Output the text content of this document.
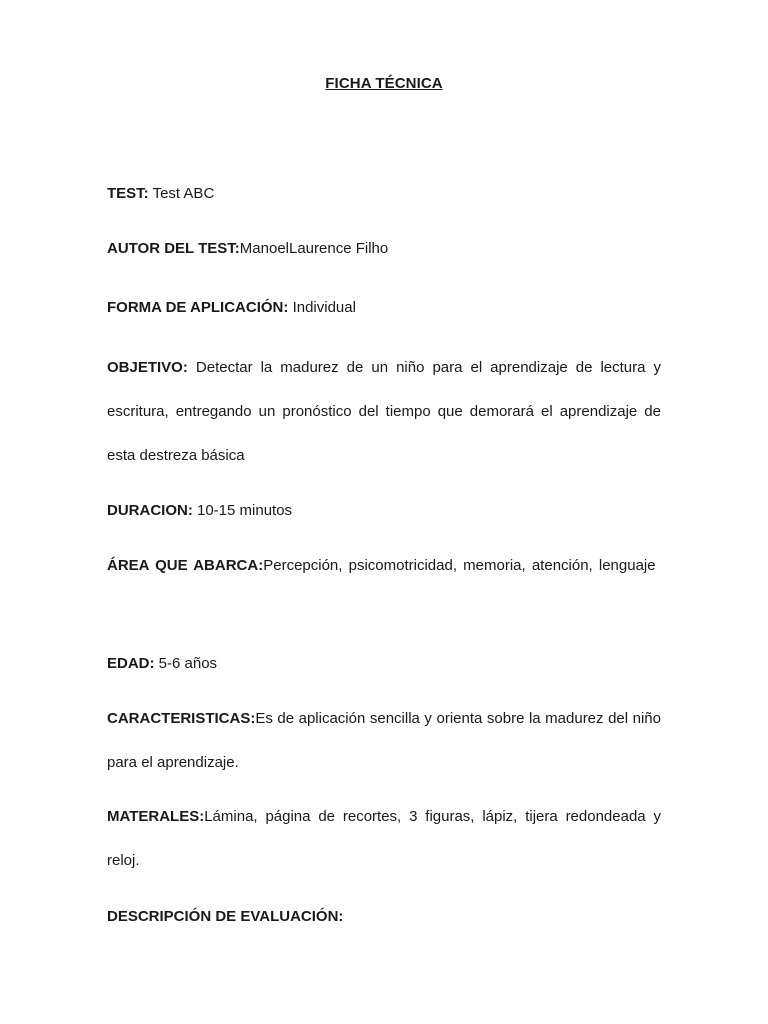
FICHA TÉCNICA

TEST: Test ABC

AUTOR DEL TEST:ManoelLaurence Filho

FORMA DE APLICACIÓN: Individual

OBJETIVO: Detectar la madurez de un niño para el aprendizaje de lectura y escritura, entregando un pronóstico del tiempo que demorará el aprendizaje de esta destreza básica

DURACION: 10-15 minutos

ÁREA QUE ABARCA:Percepción, psicomotricidad, memoria, atención, lenguaje

EDAD: 5-6 años

CARACTERISTICAS:Es de aplicación sencilla y orienta sobre la madurez del niño para el aprendizaje.

MATERALES:Lámina, página de recortes, 3 figuras, lápiz, tijera redondeada y reloj.

DESCRIPCIÓN DE EVALUACIÓN:
